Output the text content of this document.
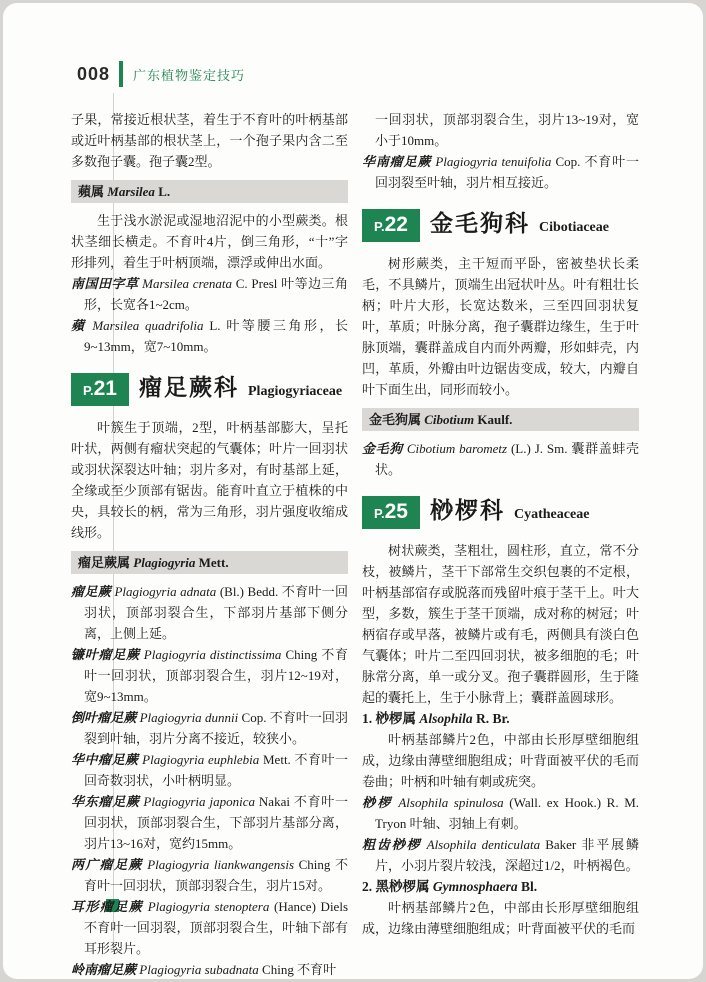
008 广东植物鉴定技巧

子果，常接近根状茎，着生于不育叶的叶柄基部或近叶柄基部的根状茎上，一个孢子果内含二至多数孢子囊。孢子囊2型。

蘋属 Marsilea L.

生于浅水淤泥或湿地沼泥中的小型蕨类。根状茎细长横走。不育叶4片，倒三角形，“十”字形排列，着生于叶柄顶端，漂浮或伸出水面。

南国田字草 Marsilea crenata C. Presl 叶等边三角形，长宽各1~2cm。

蘋 Marsilea quadrifolia L. 叶等腰三角形，长9~13mm，宽7~10mm。

P. 21 瘤足蕨科 Plagiogyriaceae

叶簇生于顶端，2型，叶柄基部膨大，呈托叶状，两侧有瘤状突起的气囊体；叶片一回羽状或羽状深裂达叶轴；羽片多对，有时基部上延，全缘或至少顶部有锯齿。能育叶直立于植株的中央，具较长的柄，常为三角形，羽片强度收缩成线形。

瘤足蕨属 Plagiogyria Mett.

瘤足蕨 Plagiogyria adnata (Bl.) Bedd. 不育叶一回羽状，顶部羽裂合生，下部羽片基部下侧分离，上侧上延。

镰叶瘤足蕨 Plagiogyria distinctissima Ching 不育叶一回羽状，顶部羽裂合生，羽片12~19对，宽9~13mm。

倒叶瘤足蕨 Plagiogyria dunnii Cop. 不育叶一回羽裂到叶轴，羽片分离不接近，较狭小。

华中瘤足蕨 Plagiogyria euphlebia Mett. 不育叶一回奇数羽状，小叶柄明显。

华东瘤足蕨 Plagiogyria japonica Nakai 不育叶一回羽状，顶部羽裂合生，下部羽片基部分离，羽片13~16对，宽约15mm。

两广瘤足蕨 Plagiogyria liankwangensis Ching 不育叶一回羽状，顶部羽裂合生，羽片15对。

耳形瘤足蕨 Plagiogyria stenoptera (Hance) Diels 不育叶一回羽裂，顶部羽裂合生，叶轴下部有耳形裂片。

岭南瘤足蕨 Plagiogyria subadnata Ching 不育叶

一回羽状，顶部羽裂合生，羽片13~19对，宽小于10mm。

华南瘤足蕨 Plagiogyria tenuifolia Cop. 不育叶一回羽裂至叶轴，羽片相互接近。

P. 22 金毛狗科 Cibotiaceae

树形蕨类，主干短而平卧，密被垫状长柔毛，不具鳞片，顶端生出冠状叶丛。叶有粗壮长柄；叶片大形，长宽达数米，三至四回羽状复叶，革质；叶脉分离，孢子囊群边缘生，生于叶脉顶端，囊群盖成自内而外两瓣，形如蚌壳，内凹，革质，外瓣由叶边锯齿变成，较大，内瓣自叶下面生出，同形而较小。

金毛狗属 Cibotium Kaulf.

金毛狗 Cibotium barometz (L.) J. Sm. 囊群盖蚌壳状。

P. 25 桫椤科 Cyatheaceae

树状蕨类，茎粗壮，圆柱形，直立，常不分枝，被鳞片，茎干下部常生交织包裹的不定根，叶柄基部宿存或脱落而残留叶痕于茎干上。叶大型，多数，簇生于茎干顶端，成对称的树冠；叶柄宿存或早落，被鳞片或有毛，两侧具有淡白色气囊体；叶片二至四回羽状，被多细胞的毛；叶脉常分离，单一或分叉。孢子囊群圆形，生于隆起的囊托上，生于小脉背上；囊群盖圆球形。

1. 桫椤属 Alsophila R. Br.

叶柄基部鳞片2色，中部由长形厚壁细胞组成，边缘由薄壁细胞组成；叶背面被平伏的毛而卷曲；叶柄和叶轴有刺或疣突。

桫椤 Alsophila spinulosa (Wall. ex Hook.) R. M. Tryon 叶轴、羽轴上有刺。

粗齿桫椤 Alsophila denticulata Baker 非平展鳞片，小羽片裂片较浅，深超过1/2，叶柄褐色。

2. 黑桫椤属 Gymnosphaera Bl.

叶柄基部鳞片2色，中部由长形厚壁细胞组成，边缘由薄壁细胞组成；叶背面被平伏的毛而
